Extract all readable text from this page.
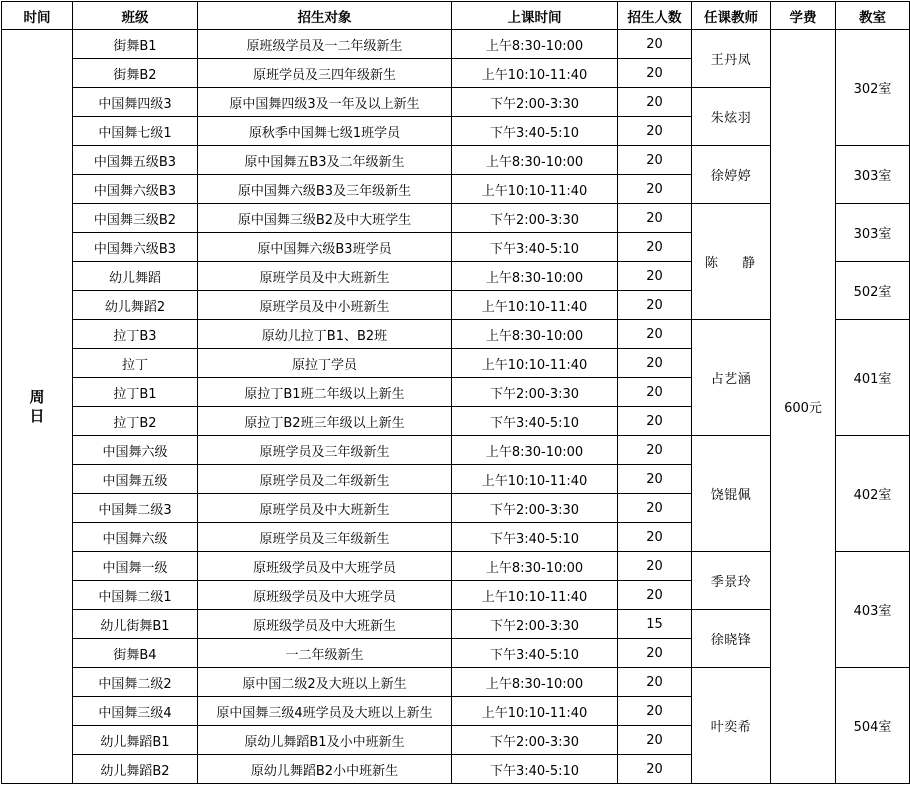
时间	班级	招生对象	上课时间	招生人数	任课教师	学费	教室

周
日	街舞B1	原班级学员及一二年级新生	上午8:30-10:00	20	王丹凤	600元	302室
	街舞B2	原班学员及三四年级新生	上午10:10-11:40	20			
	中国舞四级3	原中国舞四级3及一年及以上新生	下午2:00-3:30	20	朱炫羽		
	中国舞七级1	原秋季中国舞七级1班学员	下午3:40-5:10	20			
	中国舞五级B3	原中国舞五B3及二年级新生	上午8:30-10:00	20	徐婷婷		303室
	中国舞六级B3	原中国舞六级B3及三年级新生	上午10:10-11:40	20			
	中国舞三级B2	原中国舞三级B2及中大班学生	下午2:00-3:30	20	陈 静		303室
	中国舞六级B3	原中国舞六级B3班学员	下午3:40-5:10	20			
	幼儿舞蹈	原班学员及中大班新生	上午8:30-10:00	20			502室
	幼儿舞蹈2	原班学员及中小班新生	上午10:10-11:40	20			
	拉丁B3	原幼儿拉丁B1、B2班	上午8:30-10:00	20	占艺涵		401室
	拉丁	原拉丁学员	上午10:10-11:40	20			
	拉丁B1	原拉丁B1班二年级以上新生	下午2:00-3:30	20			
	拉丁B2	原拉丁B2班三年级以上新生	下午3:40-5:10	20			
	中国舞六级	原班学员及三年级新生	上午8:30-10:00	20	饶锟佩		402室
	中国舞五级	原班学员及二年级新生	上午10:10-11:40	20			
	中国舞二级3	原班学员及中大班新生	下午2:00-3:30	20			
	中国舞六级	原班学员及三年级新生	下午3:40-5:10	20			
	中国舞一级	原班级学员及中大班学员	上午8:30-10:00	20	季景玲		403室
	中国舞二级1	原班级学员及中大班学员	上午10:10-11:40	20			
	幼儿街舞B1	原班级学员及中大班新生	下午2:00-3:30	15	徐晓锋		
	街舞B4	一二年级新生	下午3:40-5:10	20			
	中国舞二级2	原中国二级2及大班以上新生	上午8:30-10:00	20	叶奕希		504室
	中国舞三级4	原中国舞三级4班学员及大班以上新生	上午10:10-11:40	20			
	幼儿舞蹈B1	原幼儿舞蹈B1及小中班新生	下午2:00-3:30	20			
	幼儿舞蹈B2	原幼儿舞蹈B2小中班新生	下午3:40-5:10	20			
